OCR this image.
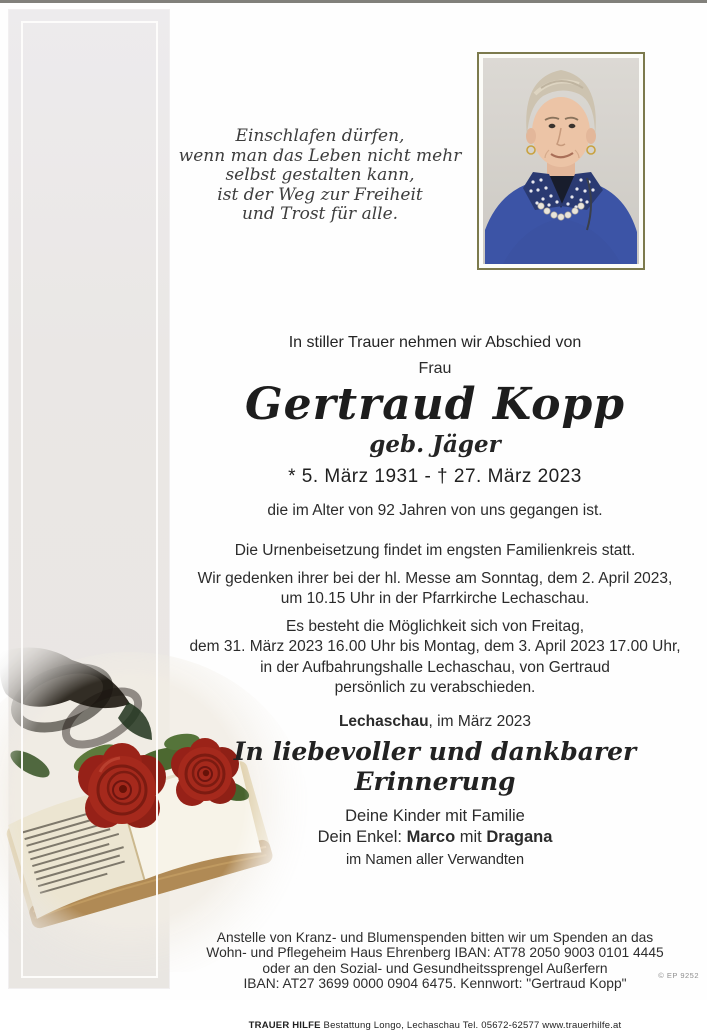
Einschlafen dürfen,
wenn man das Leben nicht mehr
selbst gestalten kann,
ist der Weg zur Freiheit
und Trost für alle.

In stiller Trauer nehmen wir Abschied von

Frau

Gertraud Kopp

geb. Jäger

* 5. März 1931 - † 27. März 2023

die im Alter von 92 Jahren von uns gegangen ist.

Die Urnenbeisetzung findet im engsten Familienkreis statt.

Wir gedenken ihrer bei der hl. Messe am Sonntag, dem 2. April 2023,
um 10.15 Uhr in der Pfarrkirche Lechaschau.

Es besteht die Möglichkeit sich von Freitag,
dem 31. März 2023 16.00 Uhr bis Montag, dem 3. April 2023 17.00 Uhr,
in der Aufbahrungshalle Lechaschau, von Gertraud
persönlich zu verabschieden.

Lechaschau, im März 2023

In liebevoller und dankbarer Erinnerung

Deine Kinder mit Familie

Dein Enkel: Marco mit Dragana

im Namen aller Verwandten

Anstelle von Kranz- und Blumenspenden bitten wir um Spenden an das
Wohn- und Pflegeheim Haus Ehrenberg IBAN: AT78 2050 9003 0101 4445
oder an den Sozial- und Gesundheitssprengel Außerfern
IBAN: AT27 3699 0000 0904 6475. Kennwort: "Gertraud Kopp"

TRAUER HILFE Bestattung Longo, Lechaschau Tel. 05672-62577 www.trauerhilfe.at

© EP 9252
